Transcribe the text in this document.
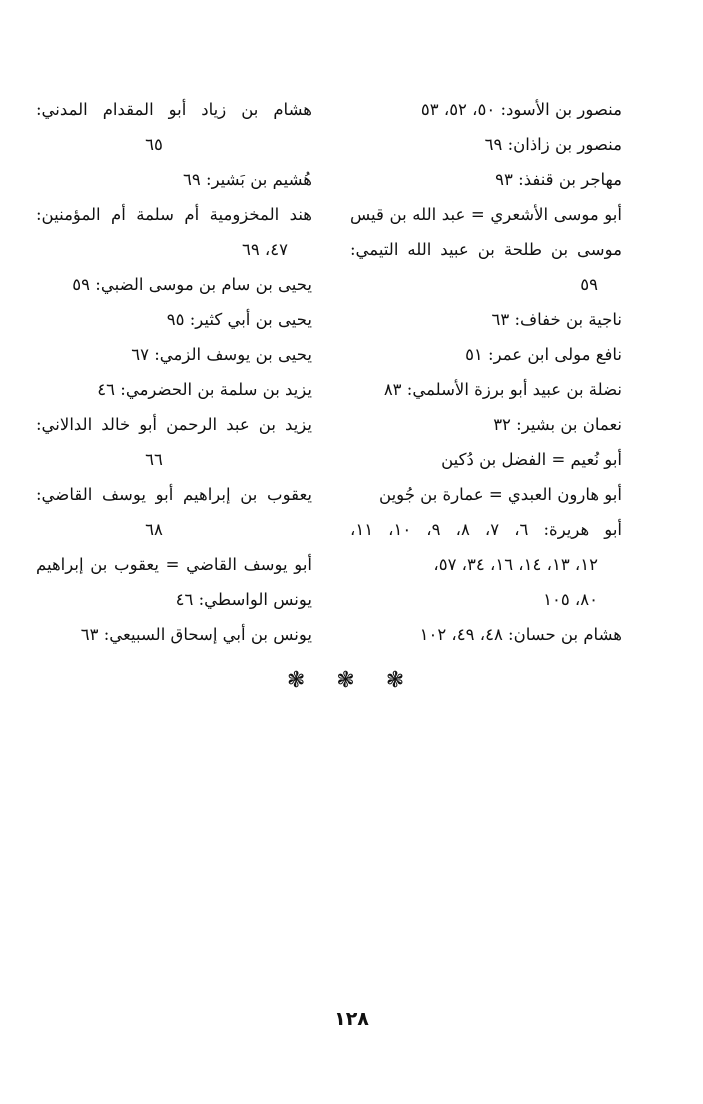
منصور بن الأسود: ٥٠، ٥٢، ٥٣
منصور بن زاذان: ٦٩
مهاجر بن قنفذ: ٩٣
أبو موسى الأشعري = عبد الله بن قيس
موسى بن طلحة بن عبيد الله التيمي:
٥٩
ناجية بن خفاف: ٦٣
نافع مولى ابن عمر: ٥١
نضلة بن عبيد أبو برزة الأسلمي: ٨٣
نعمان بن بشير: ٣٢
أبو نُعيم = الفضل بن دُكين
أبو هارون العبدي = عمارة بن جُوين
أبو هريرة: ٦، ٧، ٨، ٩، ١٠، ١١،
١٢، ١٣، ١٤، ١٦، ٣٤، ٥٧،
٨٠، ١٠٥
هشام بن حسان: ٤٨، ٤٩، ١٠٢
هشام بن زياد أبو المقدام المدني:
٦٥
هُشيم بن بَشير: ٦٩
هند المخزومية أم سلمة أم المؤمنين:
٤٧، ٦٩
يحيى بن سام بن موسى الضبي: ٥٩
يحيى بن أبي كثير: ٩٥
يحيى بن يوسف الزمي: ٦٧
يزيد بن سلمة بن الحضرمي: ٤٦
يزيد بن عبد الرحمن أبو خالد الدالاني:
٦٦
يعقوب بن إبراهيم أبو يوسف القاضي:
٦٨
أبو يوسف القاضي = يعقوب بن إبراهيم
يونس الواسطي: ٤٦
يونس بن أبي إسحاق السبيعي: ٦٣
❃ ❃ ❃
١٢٨
